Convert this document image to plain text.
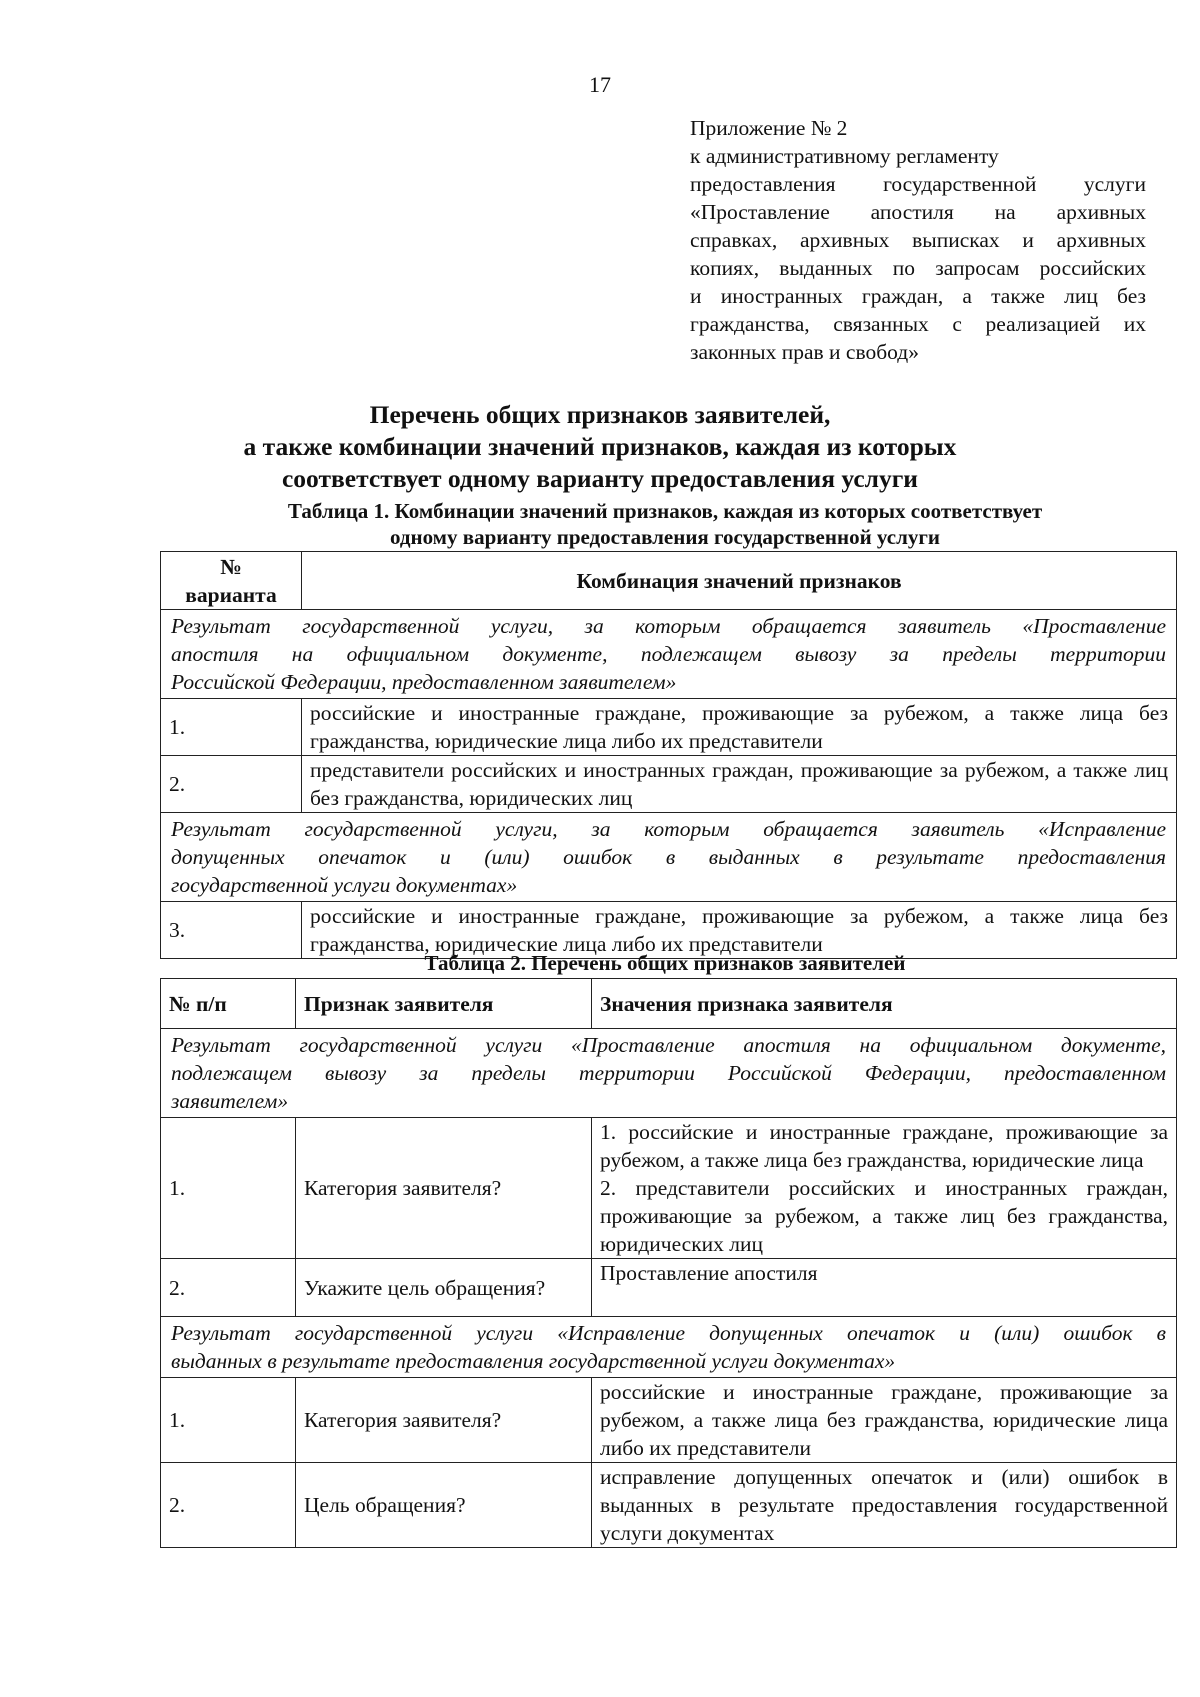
17
Приложение № 2
к административному регламенту
предоставления государственной услуги
«Проставление апостиля на архивных
справках, архивных выписках и архивных
копиях, выданных по запросам российских
и иностранных граждан, а также лиц без
гражданства, связанных с реализацией их
законных прав и свобод»
Перечень общих признаков заявителей,
а также комбинации значений признаков, каждая из которых
соответствует одному варианту предоставления услуги
Таблица 1. Комбинации значений признаков, каждая из которых соответствует
одному варианту предоставления государственной услуги
№
варианта	Комбинация значений признаков

Результат государственной услуги, за которым обращается заявитель «Проставление
апостиля на официальном документе, подлежащем вывозу за пределы территории
Российской Федерации, предоставленном заявителем»	

1.	российские и иностранные граждане, проживающие за рубежом, а также лица без гражданства, юридические лица либо их представители
2.	представители российских и иностранных граждан, проживающие за рубежом, а также лиц без гражданства, юридических лиц

Результат государственной услуги, за которым обращается заявитель «Исправление
допущенных опечаток и (или) ошибок в выданных в результате предоставления
государственной услуги документах»	

3.	российские и иностранные граждане, проживающие за рубежом, а также лица без гражданства, юридические лица либо их представители
Таблица 2. Перечень общих признаков заявителей
№ п/п	Признак заявителя	Значения признака заявителя

Результат государственной услуги «Проставление апостиля на официальном документе,
подлежащем вывозу за пределы территории Российской Федерации, предоставленном
заявителем»		

1.	Категория заявителя?	1. российские и иностранные граждане, проживающие за рубежом, а также лица без гражданства, юридические лица
2. представители российских и иностранных граждан, проживающие за рубежом, а также лиц без гражданства, юридических лиц

2.	Укажите цель обращения?	Проставление апостиля

Результат государственной услуги «Исправление допущенных опечаток и (или) ошибок в
выданных в результате предоставления государственной услуги документах»		

1.	Категория заявителя?	российские и иностранные граждане, проживающие за рубежом, а также лица без гражданства, юридические лица либо их представители
2.	Цель обращения?	исправление допущенных опечаток и (или) ошибок в выданных в результате предоставления государственной услуги документах
